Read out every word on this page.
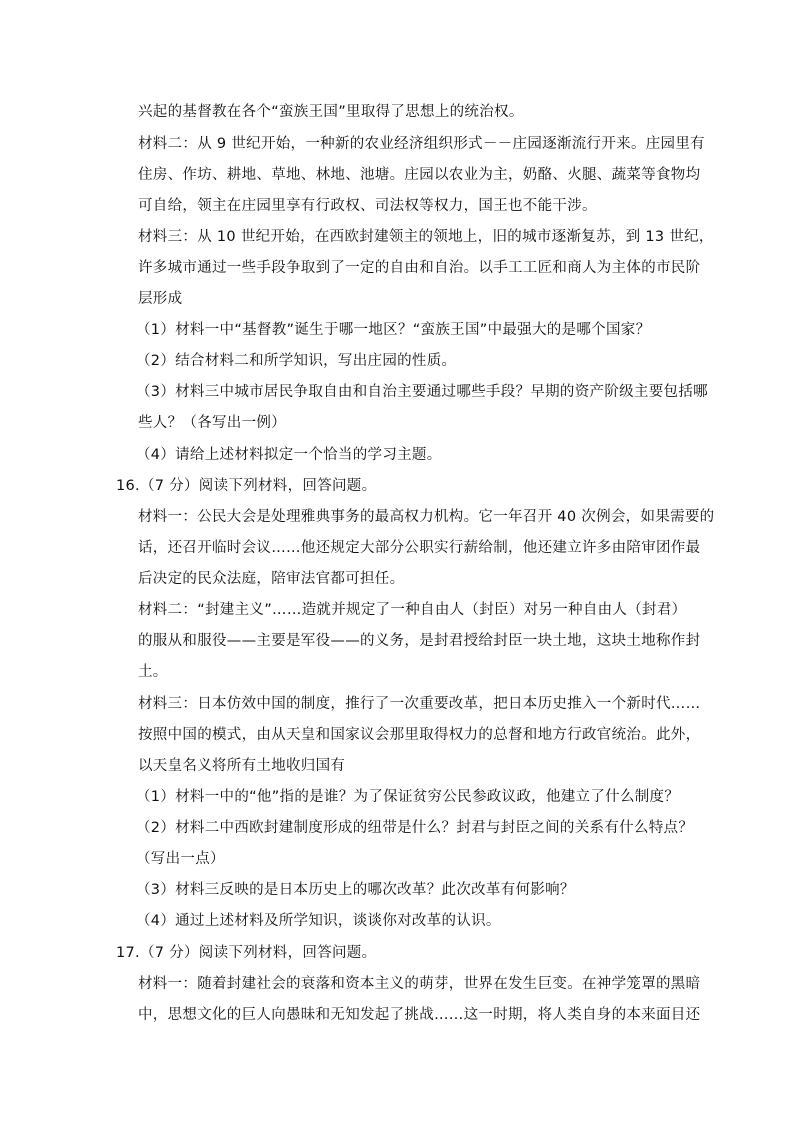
兴起的基督教在各个“蛮族王国”里取得了思想上的统治权。
材料二：从 9 世纪开始，一种新的农业经济组织形式－－庄园逐渐流行开来。庄园里有
住房、作坊、耕地、草地、林地、池塘。庄园以农业为主，奶酪、火腿、蔬菜等食物均
可自给，领主在庄园里享有行政权、司法权等权力，国王也不能干涉。
材料三：从 10 世纪开始，在西欧封建领主的领地上，旧的城市逐渐复苏，到 13 世纪，
许多城市通过一些手段争取到了一定的自由和自治。以手工工匠和商人为主体的市民阶
层形成
（1）材料一中“基督教”诞生于哪一地区？“蛮族王国”中最强大的是哪个国家？
（2）结合材料二和所学知识，写出庄园的性质。
（3）材料三中城市居民争取自由和自治主要通过哪些手段？早期的资产阶级主要包括哪
些人？（各写出一例）
（4）请给上述材料拟定一个恰当的学习主题。
16.（7 分）阅读下列材料，回答问题。
材料一：公民大会是处理雅典事务的最高权力机构。它一年召开 40 次例会，如果需要的
话，还召开临时会议……他还规定大部分公职实行薪给制，他还建立许多由陪审团作最
后决定的民众法庭，陪审法官都可担任。
材料二：“封建主义”……造就并规定了一种自由人（封臣）对另一种自由人（封君）
的服从和服役——主要是军役——的义务，是封君授给封臣一块土地，这块土地称作封
土。
材料三：日本仿效中国的制度，推行了一次重要改革，把日本历史推入一个新时代……
按照中国的模式，由从天皇和国家议会那里取得权力的总督和地方行政官统治。此外，
以天皇名义将所有土地收归国有
（1）材料一中的“他”指的是谁？为了保证贫穷公民参政议政，他建立了什么制度？
（2）材料二中西欧封建制度形成的纽带是什么？封君与封臣之间的关系有什么特点？
（写出一点）
（3）材料三反映的是日本历史上的哪次改革？此次改革有何影响？
（4）通过上述材料及所学知识，谈谈你对改革的认识。
17.（7 分）阅读下列材料，回答问题。
材料一：随着封建社会的衰落和资本主义的萌芽，世界在发生巨变。在神学笼罩的黑暗
中，思想文化的巨人向愚昧和无知发起了挑战……这一时期，将人类自身的本来面目还
